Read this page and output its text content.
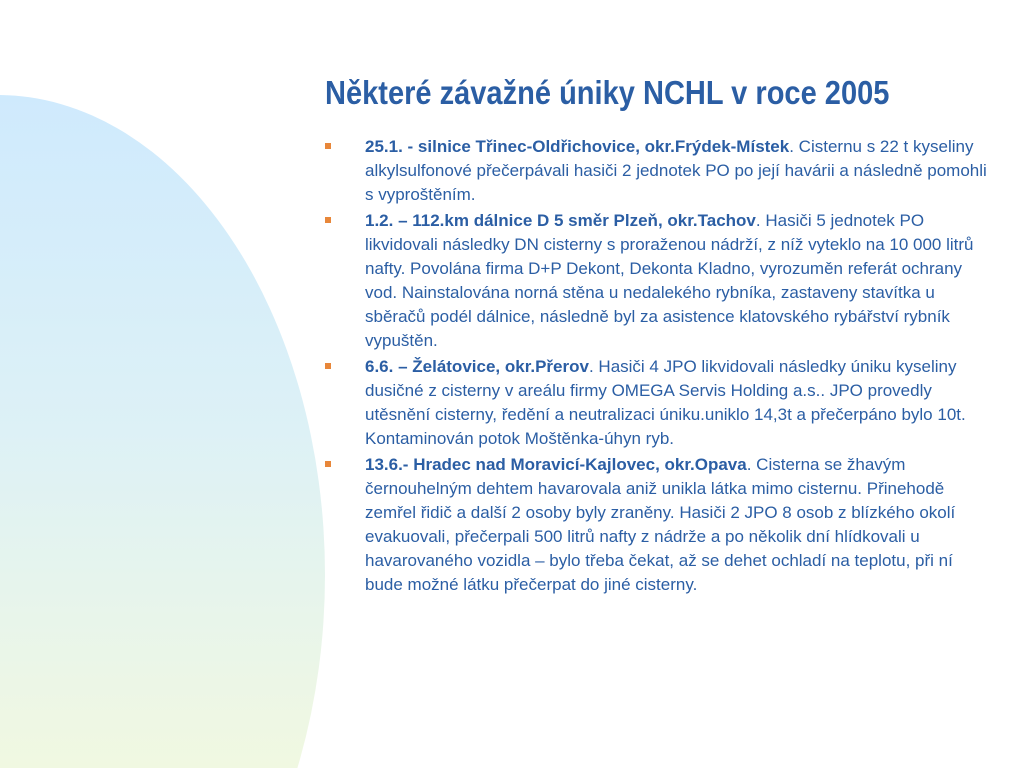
Některé závažné úniky NCHL v roce 2005
25.1. - silnice Třinec-Oldřichovice, okr.Frýdek-Místek. Cisternu s 22 t kyseliny alkylsulfonové přečerpávali hasiči 2 jednotek PO po její havárii a následně pomohli s vyproštěním.
1.2. – 112.km dálnice D 5 směr Plzeň, okr.Tachov. Hasiči 5 jednotek PO likvidovali následky DN cisterny s proraženou nádrží, z níž vyteklo na 10 000 litrů nafty. Povolána firma D+P Dekont, Dekonta Kladno, vyrozuměn referát ochrany vod. Nainstalována norná stěna u nedalekého rybníka, zastaveny stavítka u sběračů podél dálnice, následně byl za asistence klatovského rybářství rybník vypuštěn.
6.6. – Želátovice, okr.Přerov. Hasiči 4 JPO likvidovali následky úniku kyseliny dusičné z cisterny v areálu firmy OMEGA Servis Holding a.s.. JPO provedly utěsnění cisterny, ředění a neutralizaci úniku.uniklo 14,3t a přečerpáno bylo 10t. Kontaminován potok Moštěnka-úhyn ryb.
13.6.- Hradec nad Moravicí-Kajlovec, okr.Opava. Cisterna se žhavým černouhelným dehtem havarovala aniž unikla látka mimo cisternu. Přinehodě zemřel řidič a další 2 osoby byly zraněny. Hasiči 2 JPO 8 osob z blízkého okolí evakuovali, přečerpali 500 litrů nafty z nádrže a po několik dní hlídkovali u havarovaného vozidla – bylo třeba čekat, až se dehet ochladí na teplotu, při ní bude možné látku přečerpat do jiné cisterny.
